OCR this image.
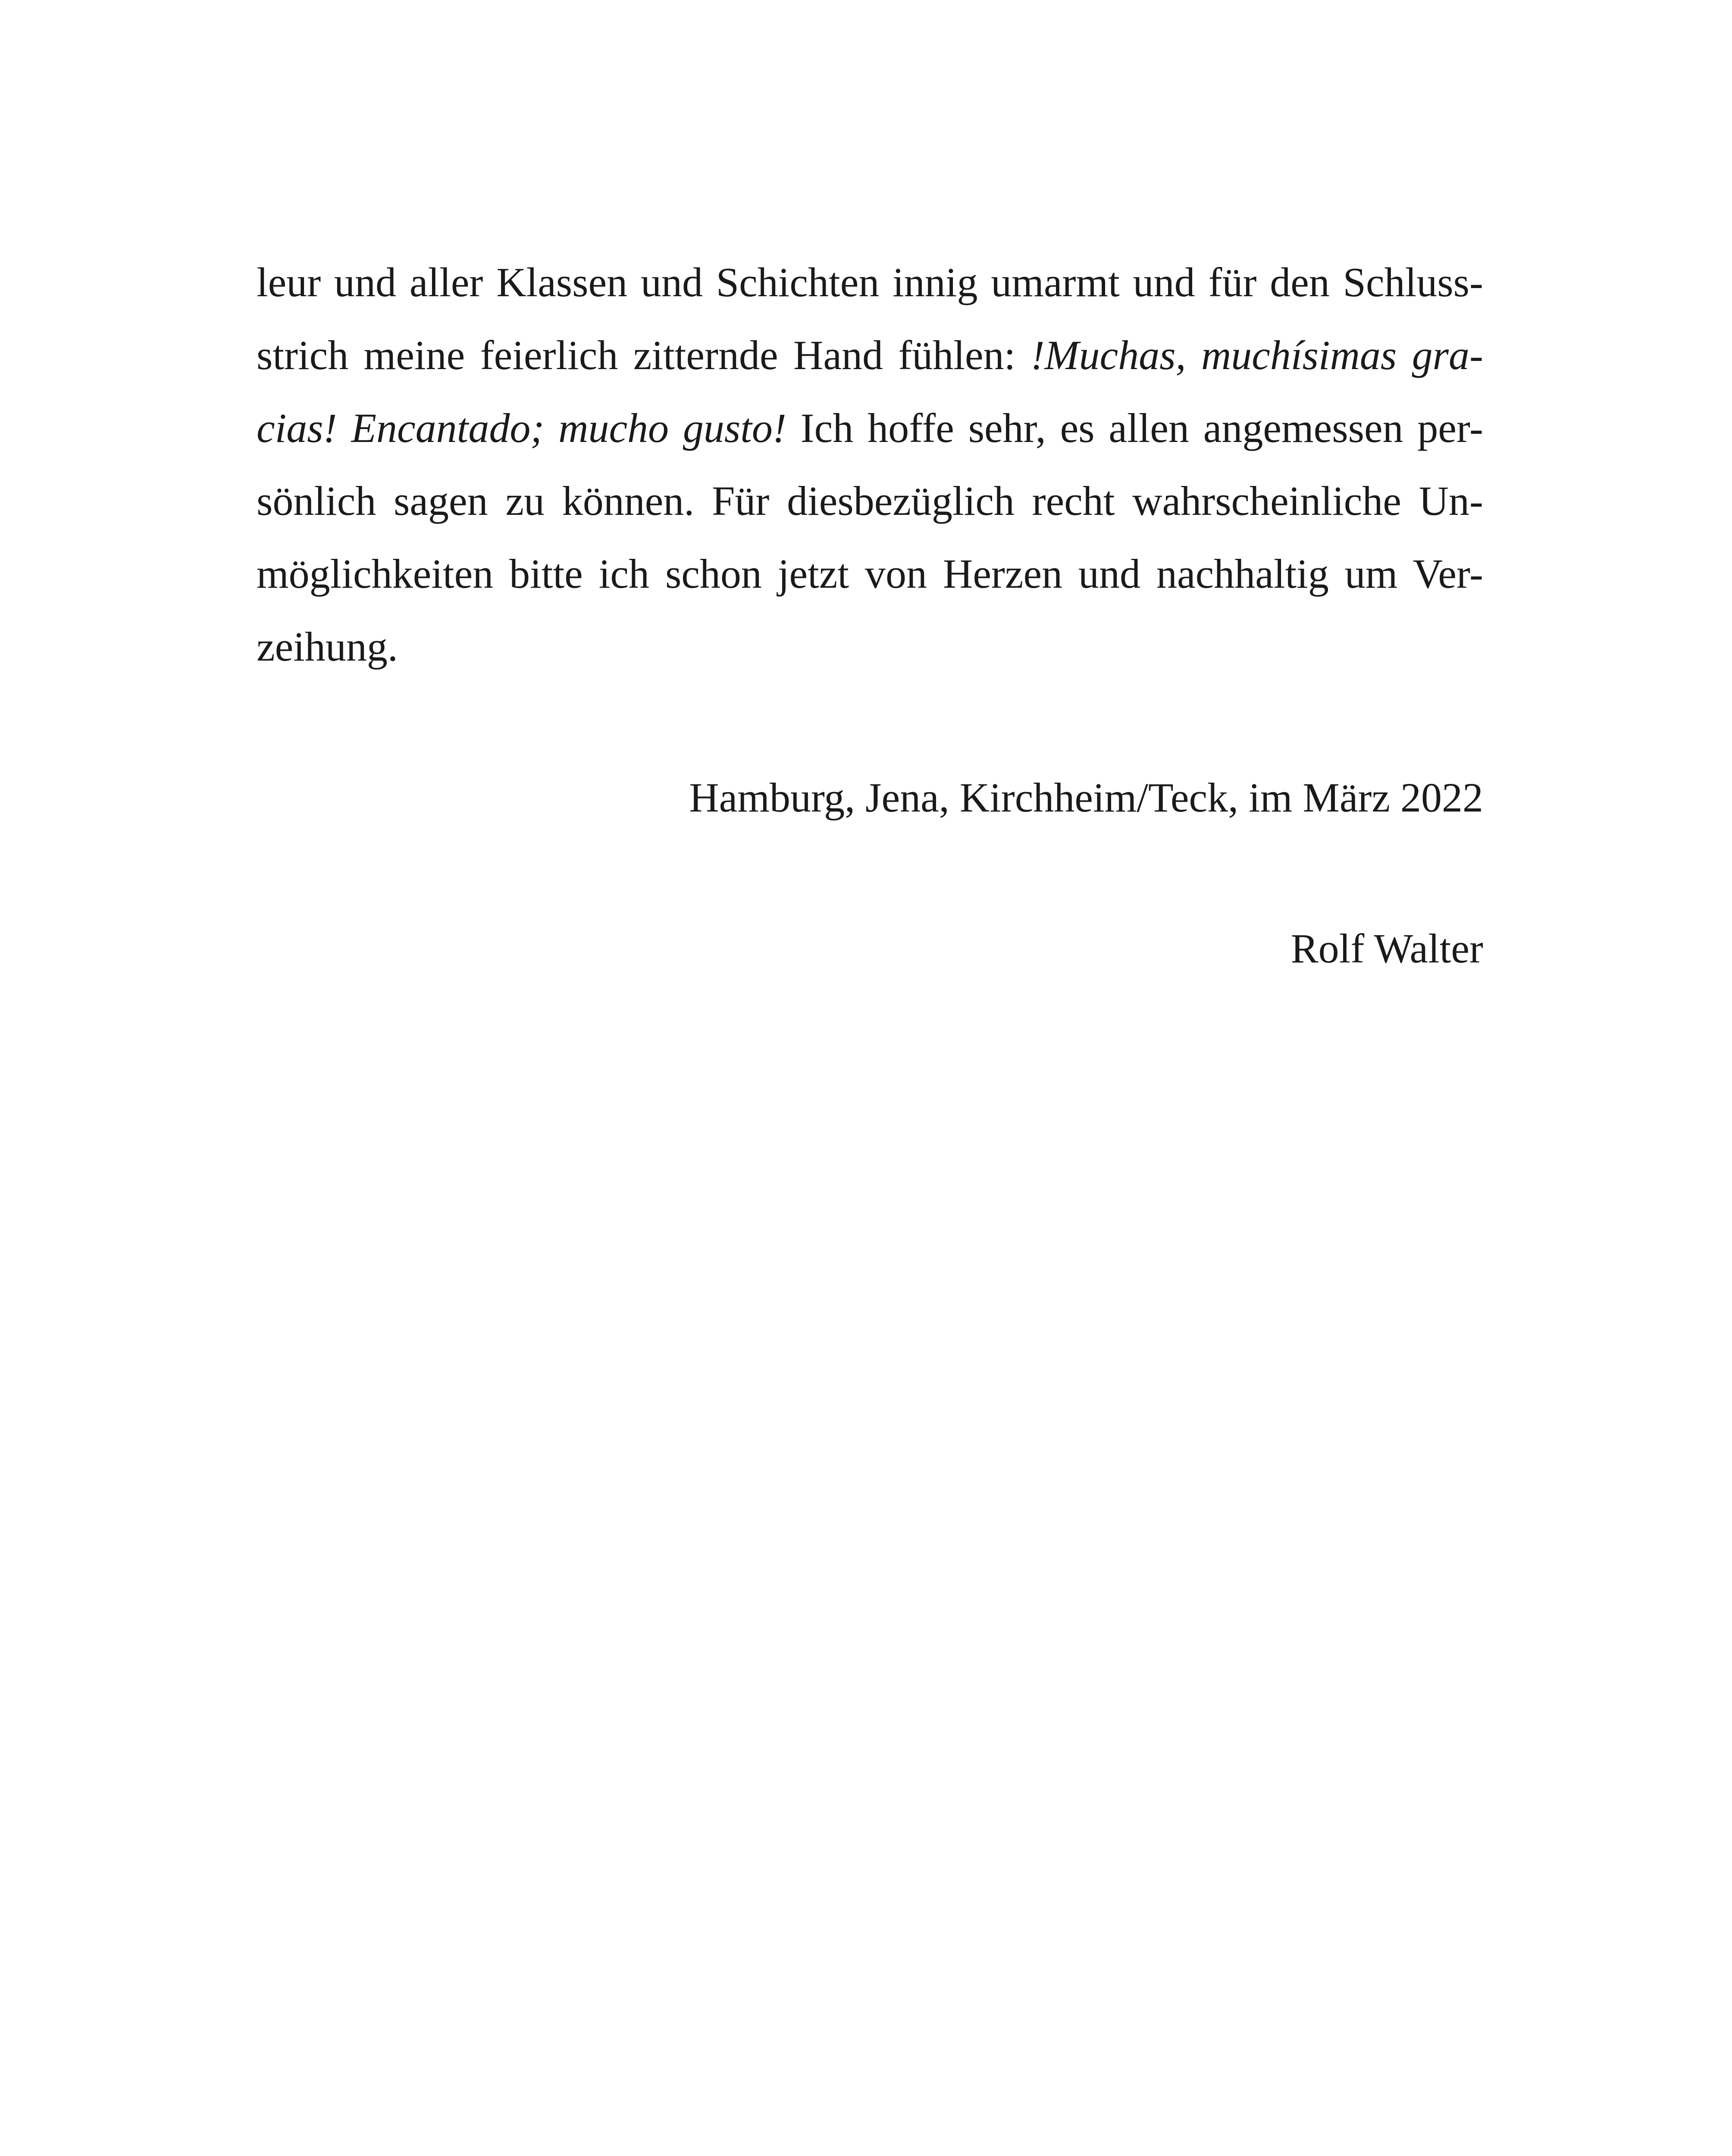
leur und aller Klassen und Schichten innig umarmt und für den Schluss-
strich meine feierlich zitternde Hand fühlen: !Muchas, muchísimas gra-
cias! Encantado; mucho gusto! Ich hoffe sehr, es allen angemessen per-
sönlich sagen zu können. Für diesbezüglich recht wahrscheinliche Un-
möglichkeiten bitte ich schon jetzt von Herzen und nachhaltig um Ver-
zeihung.

Hamburg, Jena, Kirchheim/Teck, im März 2022

Rolf Walter
